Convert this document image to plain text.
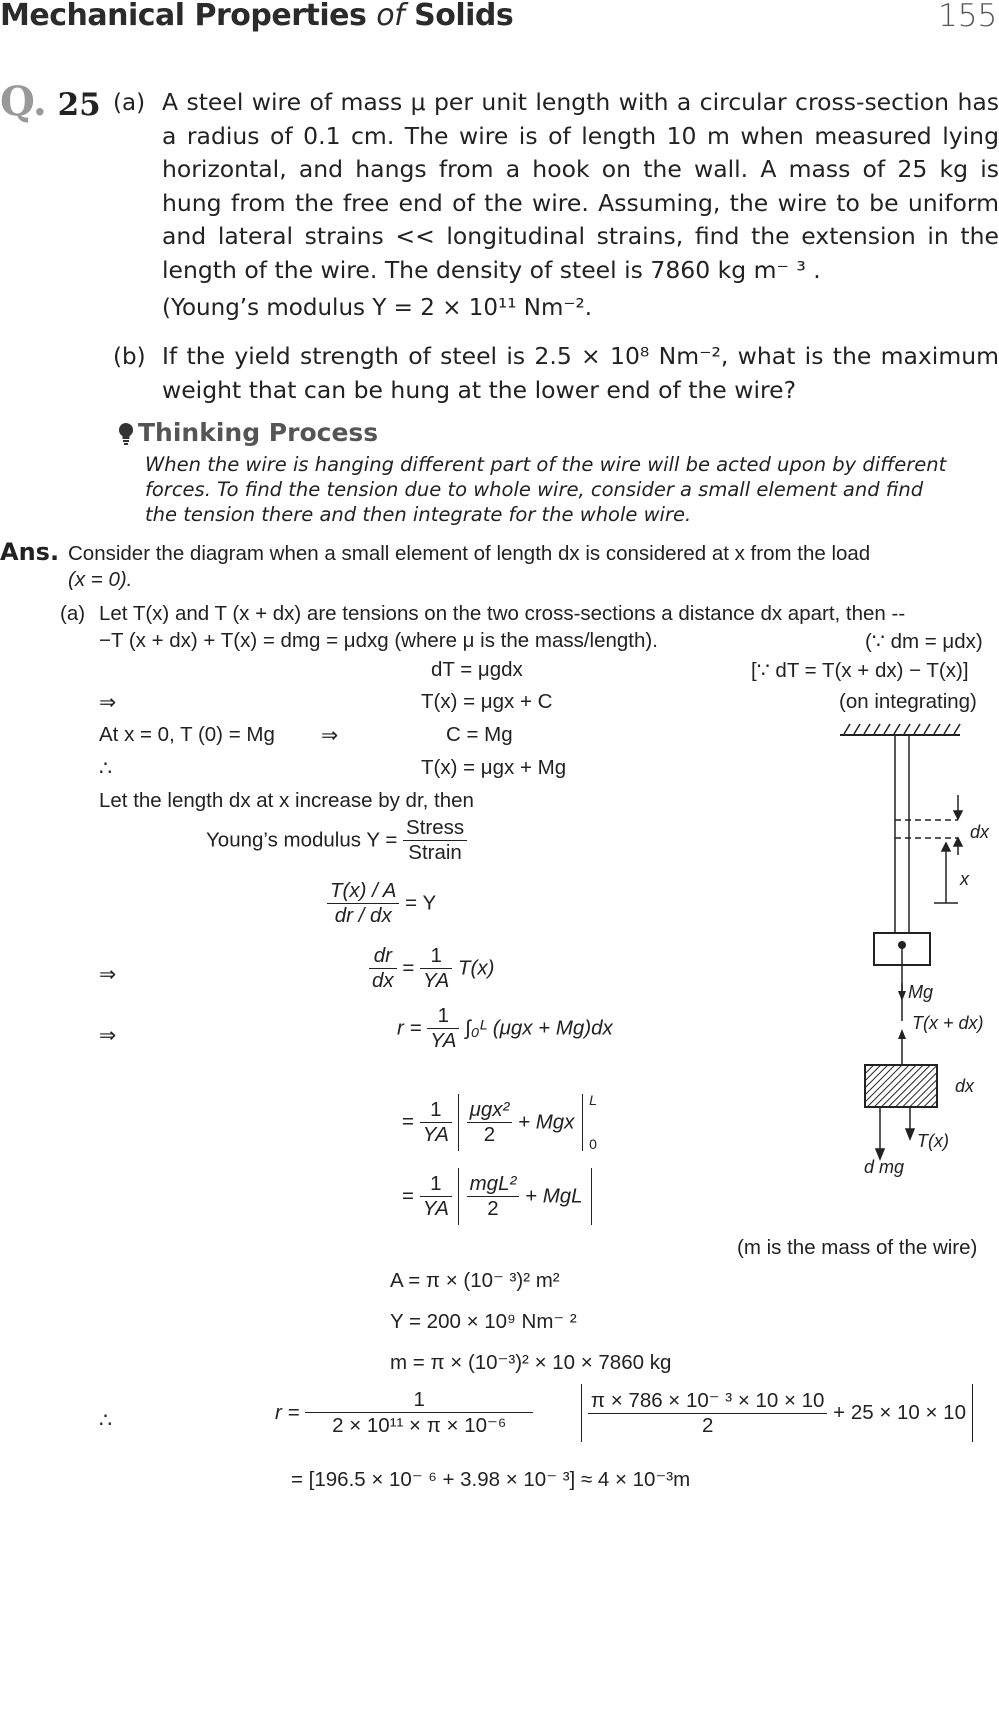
Mechanical Properties of Solids	155
Q. 25 (a) A steel wire of mass μ per unit length with a circular cross-section has a radius of 0.1 cm. The wire is of length 10 m when measured lying horizontal, and hangs from a hook on the wall. A mass of 25 kg is hung from the free end of the wire. Assuming, the wire to be uniform and lateral strains << longitudinal strains, find the extension in the length of the wire. The density of steel is 7860 kg m⁻ ³ .
(Young’s modulus Y = 2 × 10¹¹ Nm⁻².
(b) If the yield strength of steel is 2.5 × 10⁸ Nm⁻², what is the maximum weight that can be hung at the lower end of the wire?
Thinking Process
When the wire is hanging different part of the wire will be acted upon by different forces. To find the tension due to whole wire, consider a small element and find the tension there and then integrate for the whole wire.
Ans. Consider the diagram when a small element of length dx is considered at x from the load
(x = 0).
(a) Let T(x) and T (x + dx) are tensions on the two cross-sections a distance dx apart, then --
−T (x + dx) + T(x) = dmg = μdxg (where μ is the mass/length).	(∵ dm = μdx)
dT = μgdx	[∵ dT = T(x + dx) − T(x)]
⇒	T(x) = μgx + C	(on integrating)
At x = 0, T (0) = Mg ⇒	C = Mg
∴	T(x) = μgx + Mg
Let the length dx at x increase by dr, then
Young’s modulus $Y = \frac{\text{Stress}}{\text{Strain}}$
$\frac{T(x) / A}{dr / dx} = Y$
⇒	$\frac{dr}{dx} = \frac{1}{YA} T(x)$
⇒	$r = \frac{1}{YA}$ ∫₀ᴸ (μgx + Mg)dx
= $\frac{1}{YA}$
$\frac{\text{μgx²}}{2}$ + Mgx
L
0
= $\frac{1}{YA}$
$\frac{\text{mgL²}}{2}$ + MgL
(m is the mass of the wire)
A = π × (10⁻ ³)² m²
Y = 200 × 10⁹ Nm⁻ ²
m = π × (10⁻³)² × 10 × 7860 kg
∴	$r = \frac{1}{\text{2 × 10¹¹ × π × 10⁻⁶}}$
	$\frac{\text{π × 786 × 10⁻ ³ × 10 × 10}}{2} + 25 \times 10 \times 10$
= [196.5 × 10⁻ ⁶ + 3.98 × 10⁻ ³] ≈ 4 × 10⁻³m
dx
x
Mg
T(x + dx)
dx
T(x)
d mg
